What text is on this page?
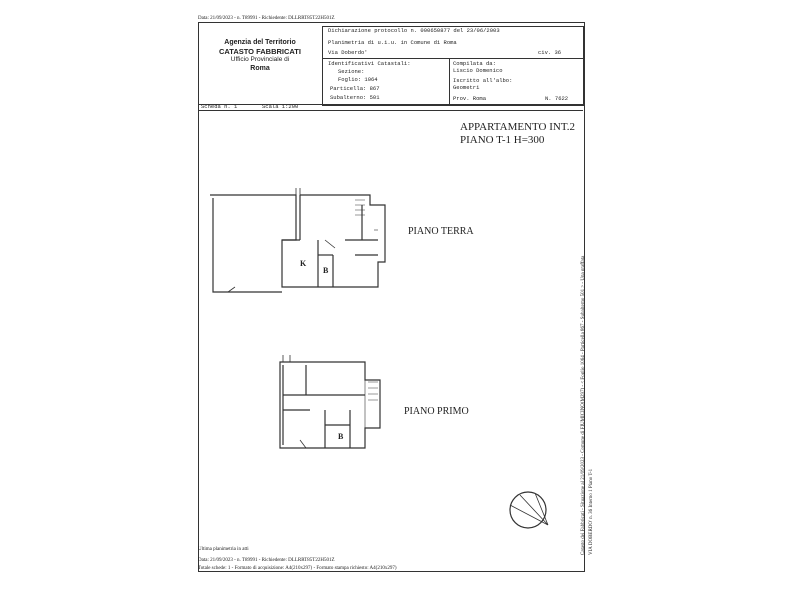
Data: 21/09/2023 - n. T89991 - Richiedente: DLLRRT85T22H501Z
Agenzia del Territorio
CATASTO FABBRICATI
Ufficio Provinciale di
Roma
Dichiarazione protocollo n. 000650877 del 23/06/2003
Planimetria di u.i.u. in Comune di Roma
Via Doberdo'	civ. 36
Identificativi Catastali:
Sezione:
Foglio: 1064
Particella: 867
Subalterno: 501
Compilata da:
Liscio Domenico
Iscritto all'albo:
Geometri
Prov. Roma	N. 7622
Scheda n. 1	Scala 1:200
APPARTAMENTO INT.2
PIANO T-1 H=300
PIANO TERRA
PIANO PRIMO
K
B
B	Catasto dei Fabbricati - Situazione al 21/09/2023 - Comune di FIUMICINO(M297) - < Foglio 1064 - Particella 867 - Subalterno 501 > - Una graffata VIA DOBERDO' n. 36 Interno 1 Piano T-1
Ultima planimetria in atti
Data: 21/09/2023 - n. T89991 - Richiedente: DLLRRT85T22H501Z
Totale schede: 1 - Formato di acquisizione: A4(210x297) - Formato stampa richiesto: A4(210x297)
